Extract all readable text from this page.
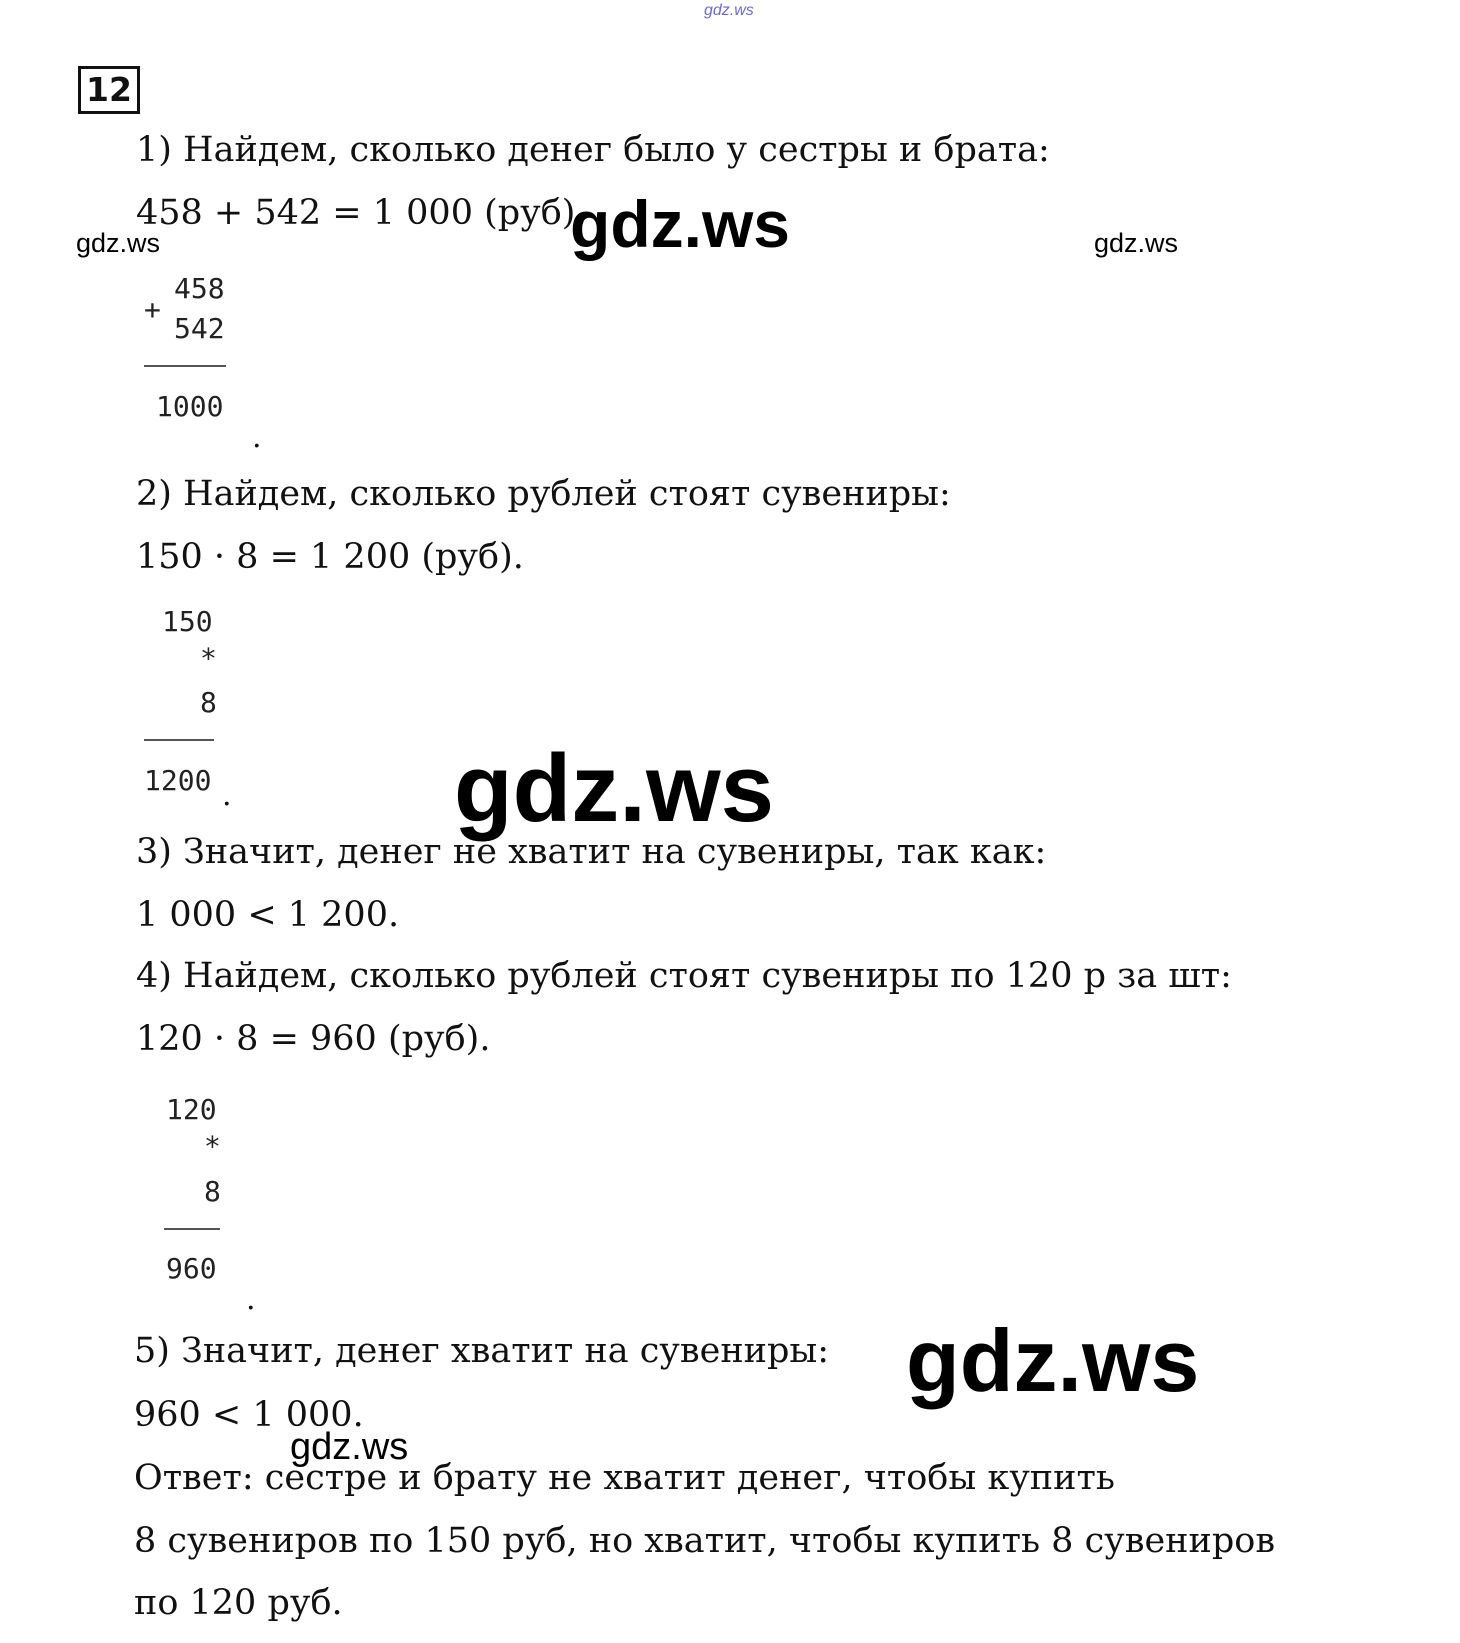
gdz.ws
12
1) Найдем, сколько денег было у сестры и брата:
458 + 542 = 1 000 (руб).
gdz.ws	gdz.ws	gdz.ws
458
+
542
1000
.
2) Найдем, сколько рублей стоят сувениры:
150 · 8 = 1 200 (руб).
150
*
8
1200 . gdz.ws
3) Значит, денег не хватит на сувениры, так как:
1 000 < 1 200.
4) Найдем, сколько рублей стоят сувениры по 120 р за шт:
120 · 8 = 960 (руб).
120
*
8
960
.
5) Значит, денег хватит на сувениры:
960 < 1 000.
gdz.ws
gdz.ws
Ответ: сестре и брату не хватит денег, чтобы купить
8 сувениров по 150 руб, но хватит, чтобы купить 8 сувениров
по 120 руб.
